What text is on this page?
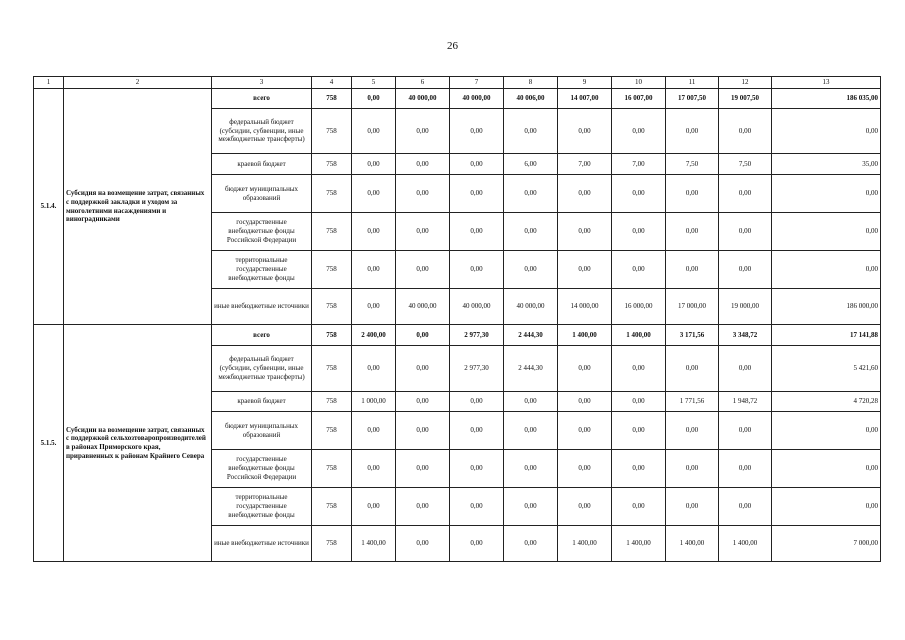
26
1	2	3	4	5	6	7	8	9	10	11	12	13
5.1.4.	Субсидия на возмещение затрат, связанных с поддержкой закладки и уходом за многолетними насаждениями и виноградниками	всего	758	0,00	40 000,00	40 000,00	40 006,00	14 007,00	16 007,00	17 007,50	19 007,50	186 035,00
		федеральный бюджет (субсидии, субвенции, иные межбюджетные трансферты)	758	0,00	0,00	0,00	0,00	0,00	0,00	0,00	0,00	0,00
		краевой бюджет	758	0,00	0,00	0,00	6,00	7,00	7,00	7,50	7,50	35,00
		бюджет муниципальных образований	758	0,00	0,00	0,00	0,00	0,00	0,00	0,00	0,00	0,00
		государственные внебюджетные фонды Российской Федерации	758	0,00	0,00	0,00	0,00	0,00	0,00	0,00	0,00	0,00
		территориальные государственные внебюджетные фонды	758	0,00	0,00	0,00	0,00	0,00	0,00	0,00	0,00	0,00
		иные внебюджетные источники	758	0,00	40 000,00	40 000,00	40 000,00	14 000,00	16 000,00	17 000,00	19 000,00	186 000,00
5.1.5.	Субсидии на возмещение затрат, связанных с поддержкой сельхозтоваропроизводителей в районах Приморского края, приравненных к районам Крайнего Севера	всего	758	2 400,00	0,00	2 977,30	2 444,30	1 400,00	1 400,00	3 171,56	3 348,72	17 141,88
		федеральный бюджет (субсидии, субвенции, иные межбюджетные трансферты)	758	0,00	0,00	2 977,30	2 444,30	0,00	0,00	0,00	0,00	5 421,60
		краевой бюджет	758	1 000,00	0,00	0,00	0,00	0,00	0,00	1 771,56	1 948,72	4 720,28
		бюджет муниципальных образований	758	0,00	0,00	0,00	0,00	0,00	0,00	0,00	0,00	0,00
		государственные внебюджетные фонды Российской Федерации	758	0,00	0,00	0,00	0,00	0,00	0,00	0,00	0,00	0,00
		территориальные государственные внебюджетные фонды	758	0,00	0,00	0,00	0,00	0,00	0,00	0,00	0,00	0,00
		иные внебюджетные источники	758	1 400,00	0,00	0,00	0,00	1 400,00	1 400,00	1 400,00	1 400,00	7 000,00
